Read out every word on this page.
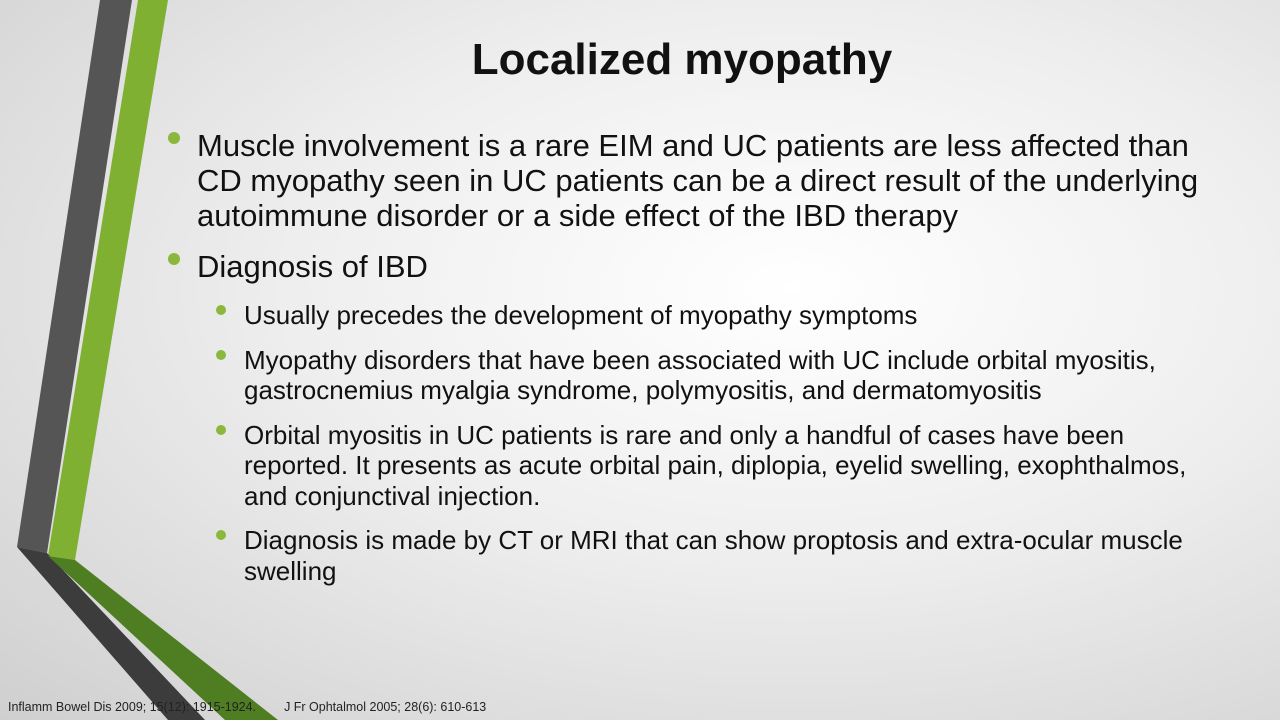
Localized myopathy
Muscle involvement is a rare EIM and UC patients are less affected than CD myopathy seen in UC patients can be a direct result of the underlying autoimmune disorder or a side effect of the IBD therapy
Diagnosis of IBD
Usually precedes the development of myopathy symptoms
Myopathy disorders that have been associated with UC include orbital myositis, gastrocnemius myalgia syndrome, polymyositis, and dermatomyositis
Orbital myositis in UC patients is rare and only a handful of cases have been reported. It presents as acute orbital pain, diplopia, eyelid swelling, exophthalmos, and conjunctival injection.
Diagnosis is made by CT or MRI that can show proptosis and extra-ocular muscle swelling
Inflamm Bowel Dis 2009; 15(12): 1915-1924. J Fr Ophtalmol 2005; 28(6): 610-613
